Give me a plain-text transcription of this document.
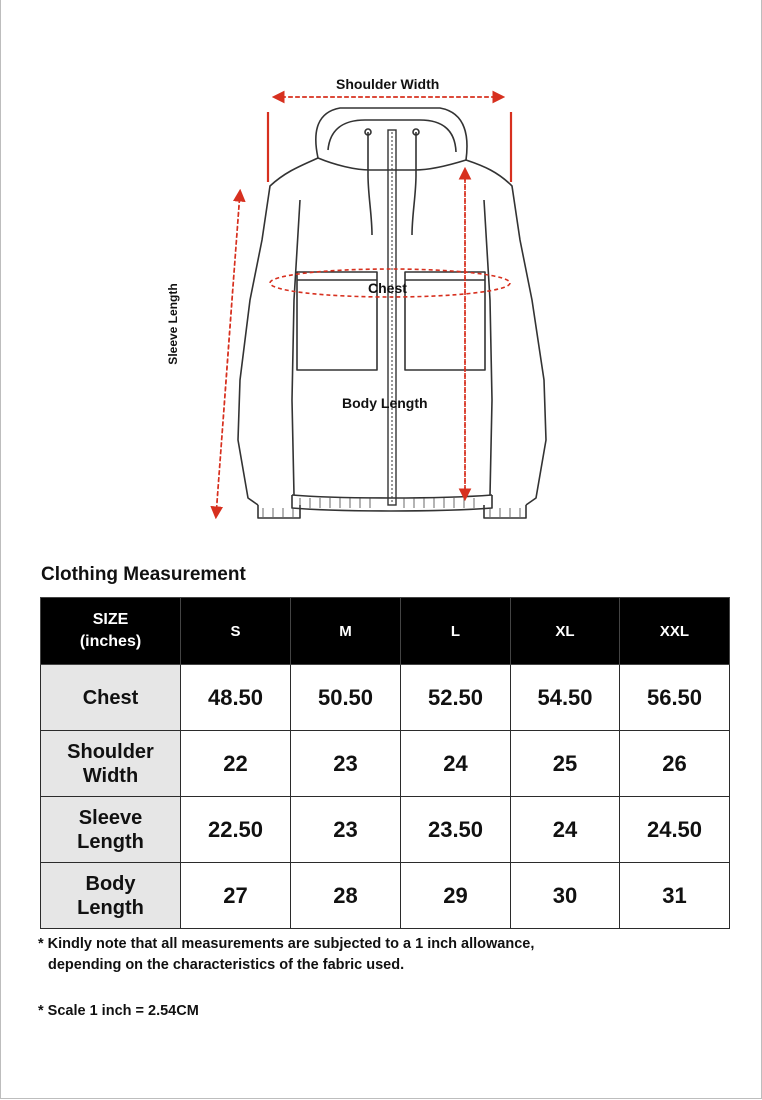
Shoulder Width
Chest
Body Length
Sleeve Length
Clothing Measurement
SIZE
(inches)	S	M	L	XL	XXL
Chest	48.50	50.50	52.50	54.50	56.50
Shoulder
Width	22	23	24	25	26
Sleeve
Length	22.50	23	23.50	24	24.50
Body
Length	27	28	29	30	31
* Kindly note that all measurements are subjected to a 1 inch allowance,
depending on the characteristics of the fabric used.
* Scale 1 inch = 2.54CM
